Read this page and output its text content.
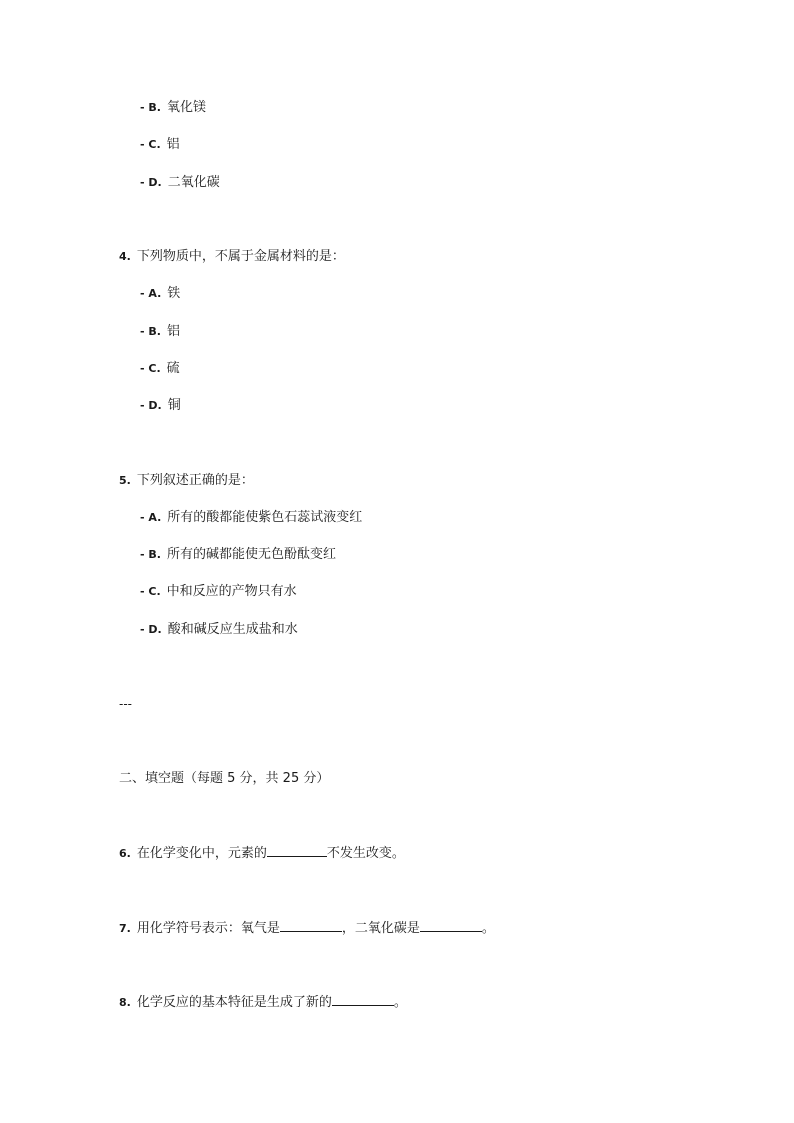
- B. 氧化镁
- C. 铝
- D. 二氧化碳
4. 下列物质中，不属于金属材料的是：
- A. 铁
- B. 铝
- C. 硫
- D. 铜
5. 下列叙述正确的是：
- A. 所有的酸都能使紫色石蕊试液变红
- B. 所有的碱都能使无色酚酞变红
- C. 中和反应的产物只有水
- D. 酸和碱反应生成盐和水
---
二、填空题（每题 5 分，共 25 分）
6. 在化学变化中，元素的	不发生改变。
7. 用化学符号表示：氧气是	，二氧化碳是	。
8. 化学反应的基本特征是生成了新的	。
